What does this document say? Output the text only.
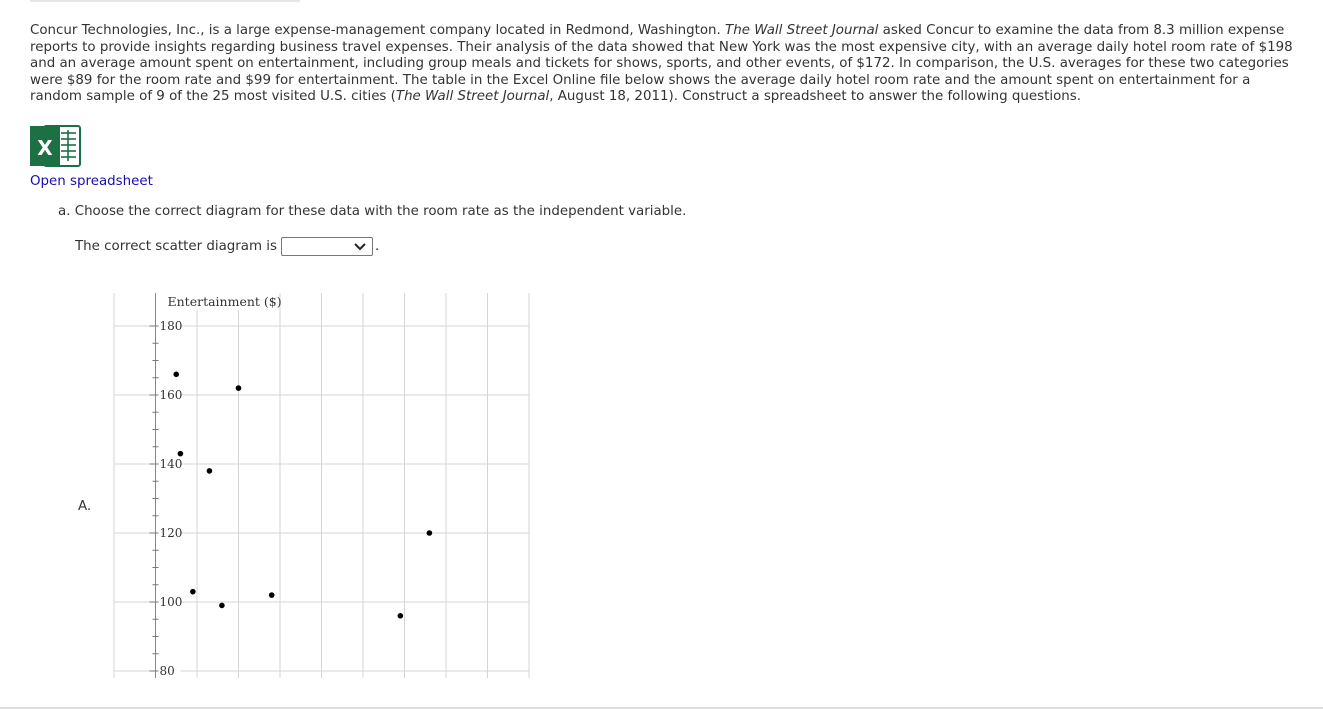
Concur Technologies, Inc., is a large expense-management company located in Redmond, Washington. The Wall Street Journal asked Concur to examine the data from 8.3 million expense reports to provide insights regarding business travel expenses. Their analysis of the data showed that New York was the most expensive city, with an average daily hotel room rate of $198 and an average amount spent on entertainment, including group meals and tickets for shows, sports, and other events, of $172. In comparison, the U.S. averages for these two categories were $89 for the room rate and $99 for entertainment. The table in the Excel Online file below shows the average daily hotel room rate and the amount spent on entertainment for a random sample of 9 of the 25 most visited U.S. cities (The Wall Street Journal, August 18, 2011). Construct a spreadsheet to answer the following questions.

X
Open spreadsheet

a. Choose the correct diagram for these data with the room rate as the independent variable.

The correct scatter diagram is	.
A.
180
160
140
120
100
80
Entertainment ($)
